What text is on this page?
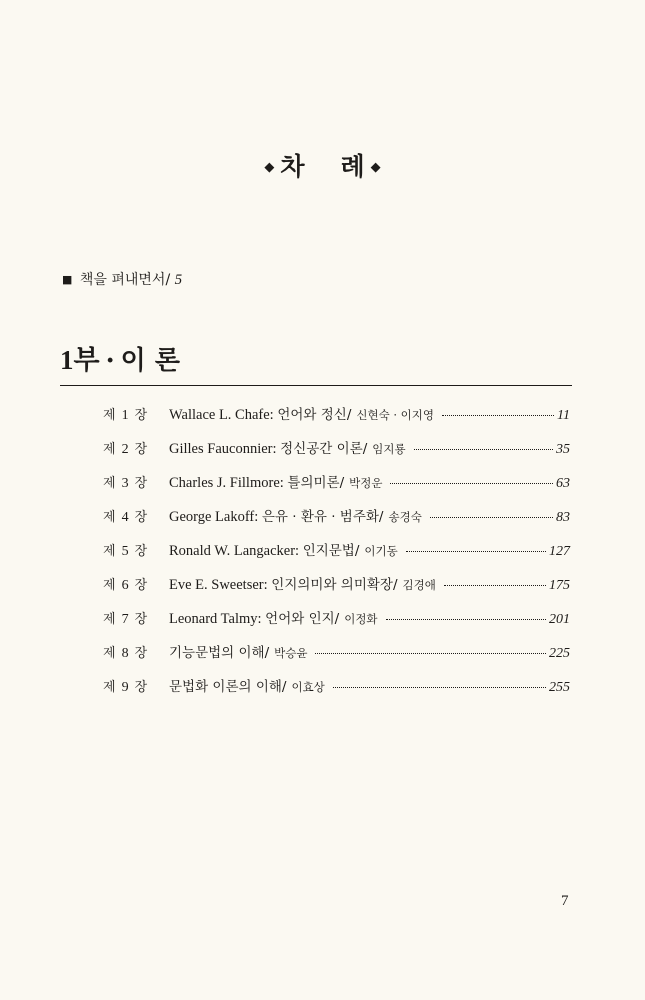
◆ 차 례 ◆
■ 책을 펴내면서/ 5
1부 · 이 론
제 1 장	Wallace L. Chafe: 언어와 정신/ 신현숙 · 이지영	11
제 2 장	Gilles Fauconnier: 정신공간 이론/ 임지룡	35
제 3 장	Charles J. Fillmore: 틀의미론/ 박정운	63
제 4 장	George Lakoff: 은유 · 환유 · 범주화/ 송경숙	83
제 5 장	Ronald W. Langacker: 인지문법/ 이기동	127
제 6 장	Eve E. Sweetser: 인지의미와 의미확장/ 김경애	175
제 7 장	Leonard Talmy: 언어와 인지/ 이정화	201
제 8 장	기능문법의 이해/ 박승윤	225
제 9 장	문법화 이론의 이해/ 이효상	255
7
